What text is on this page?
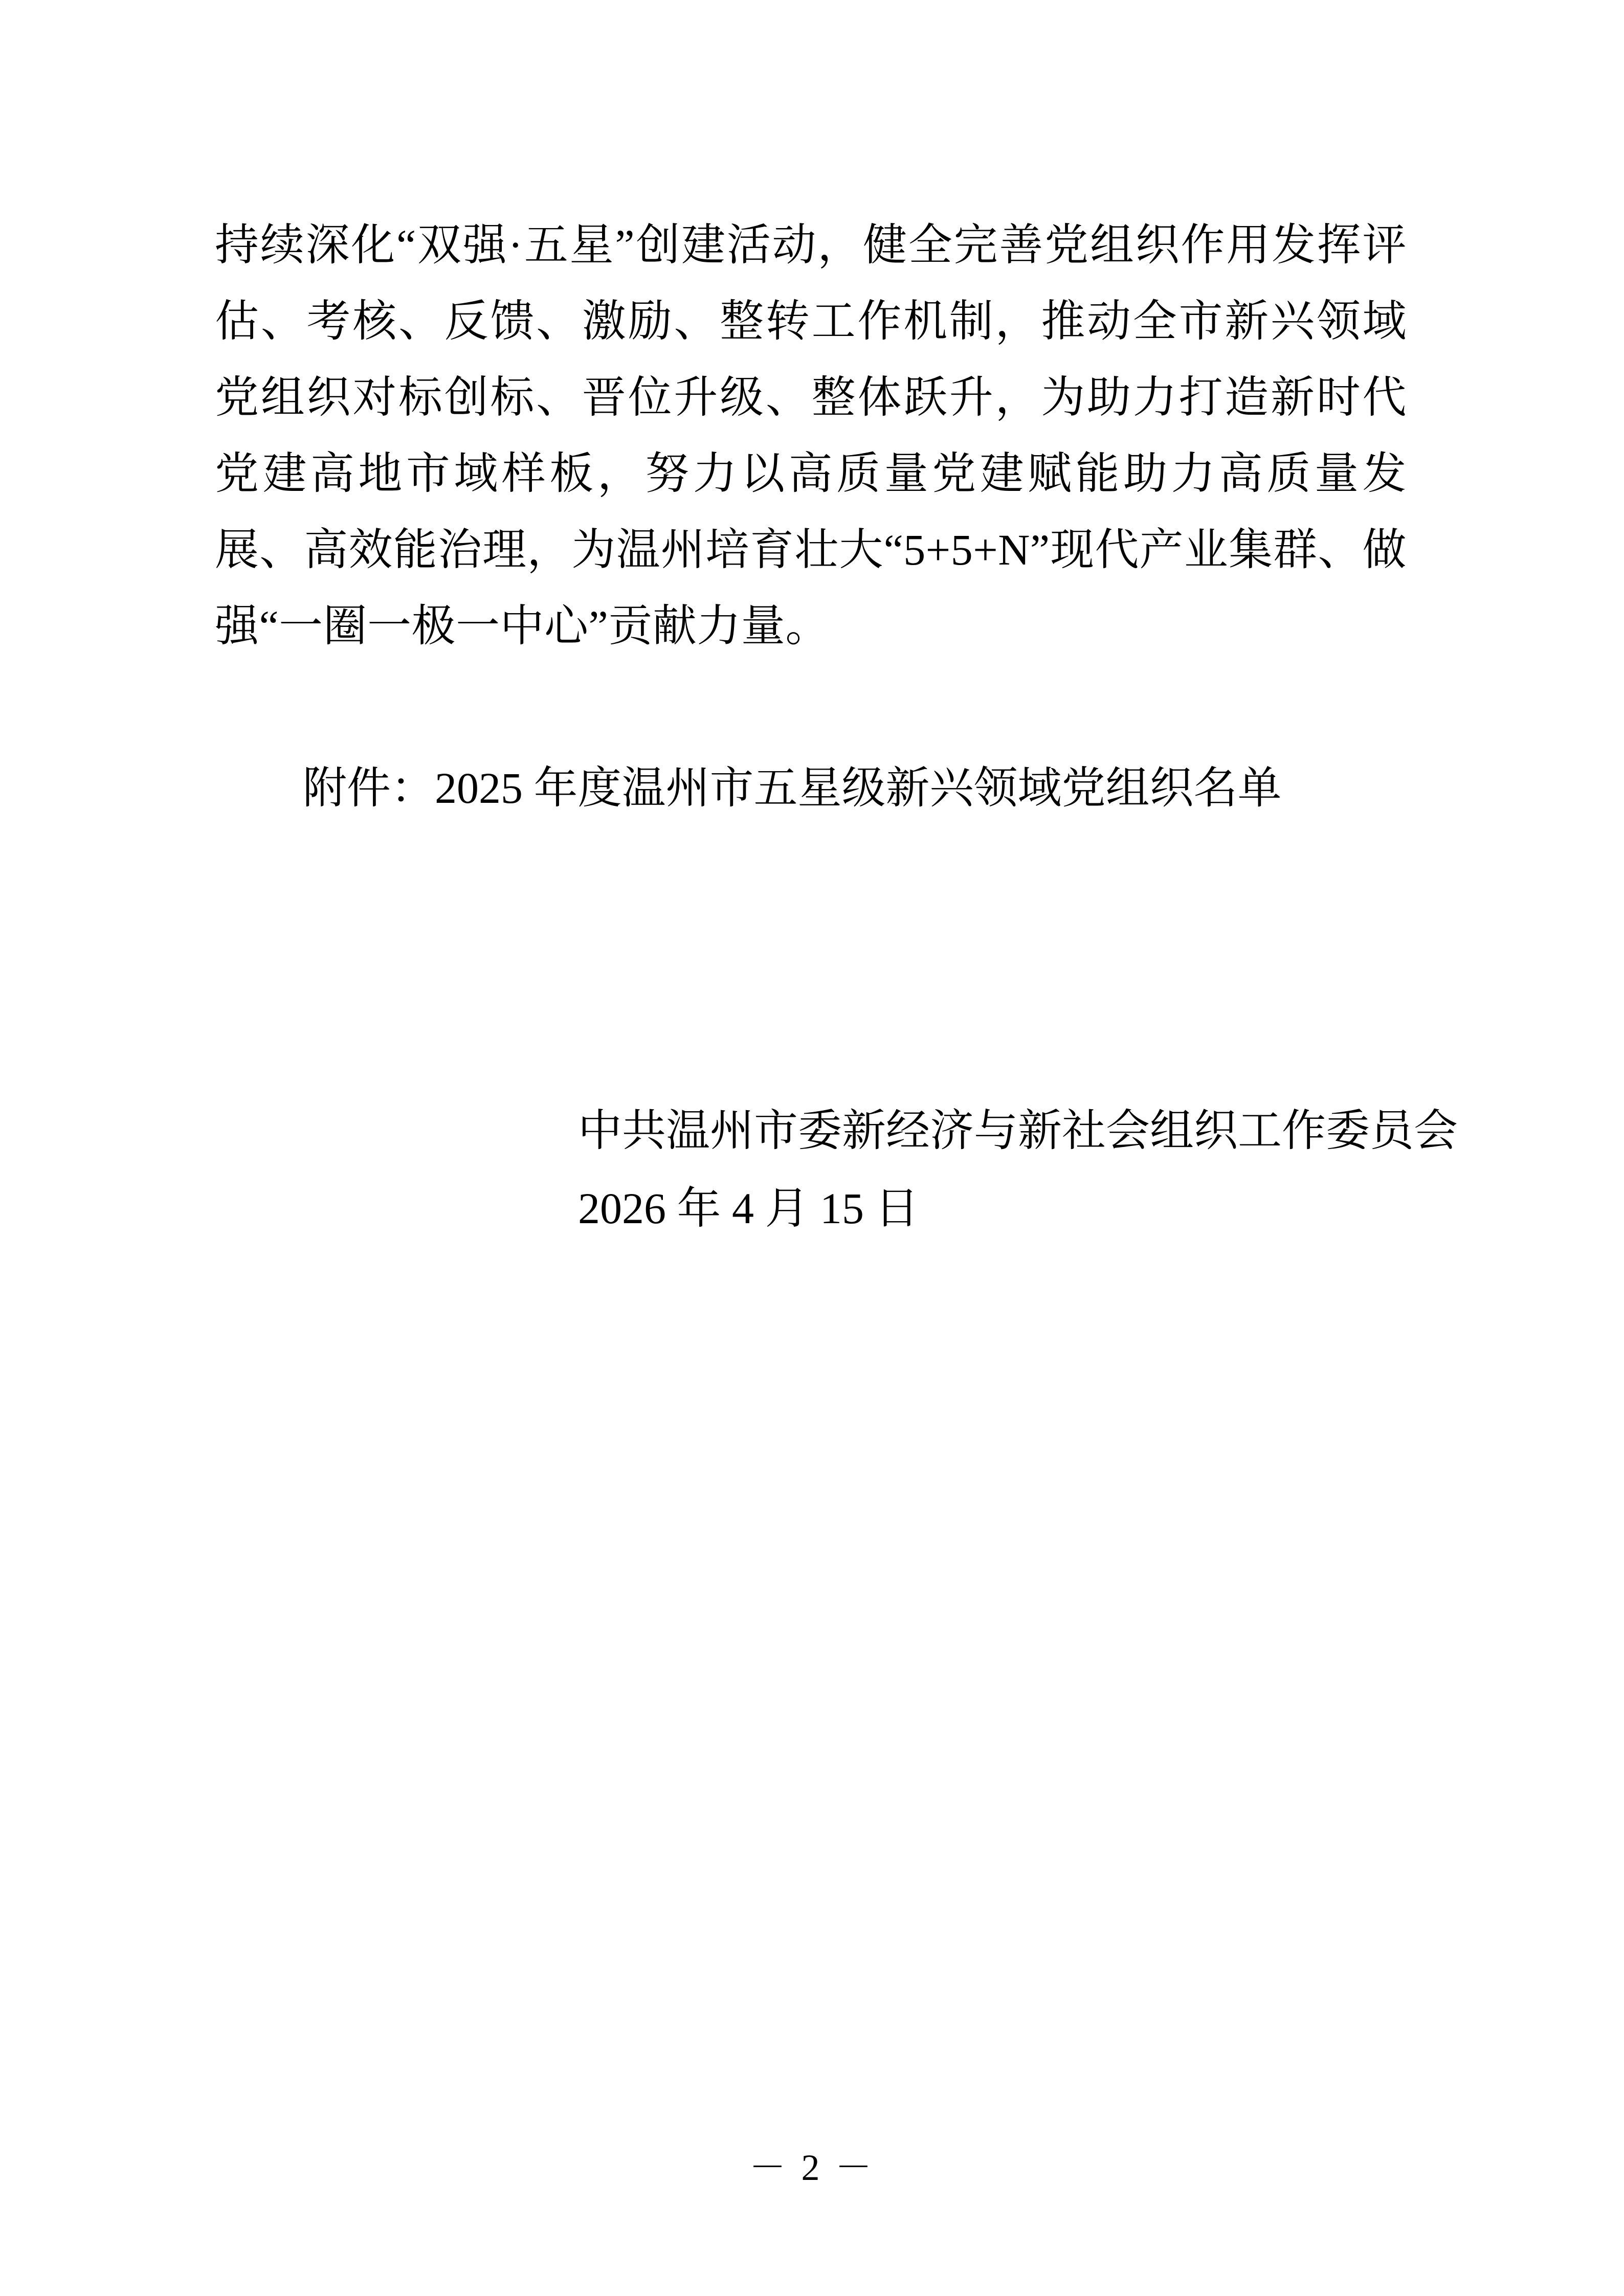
持续深化“双强·五星”创建活动，健全完善党组织作用发挥评估、考核、反馈、激励、整转工作机制，推动全市新兴领域党组织对标创标、晋位升级、整体跃升，为助力打造新时代党建高地市域样板，努力以高质量党建赋能助力高质量发展、高效能治理，为温州培育壮大“5+5+N”现代产业集群、做强“一圈一极一中心”贡献力量。

附件：2025 年度温州市五星级新兴领域党组织名单

中共温州市委新经济与新社会组织工作委员会

2026 年 4 月 15 日

－ 2 －
